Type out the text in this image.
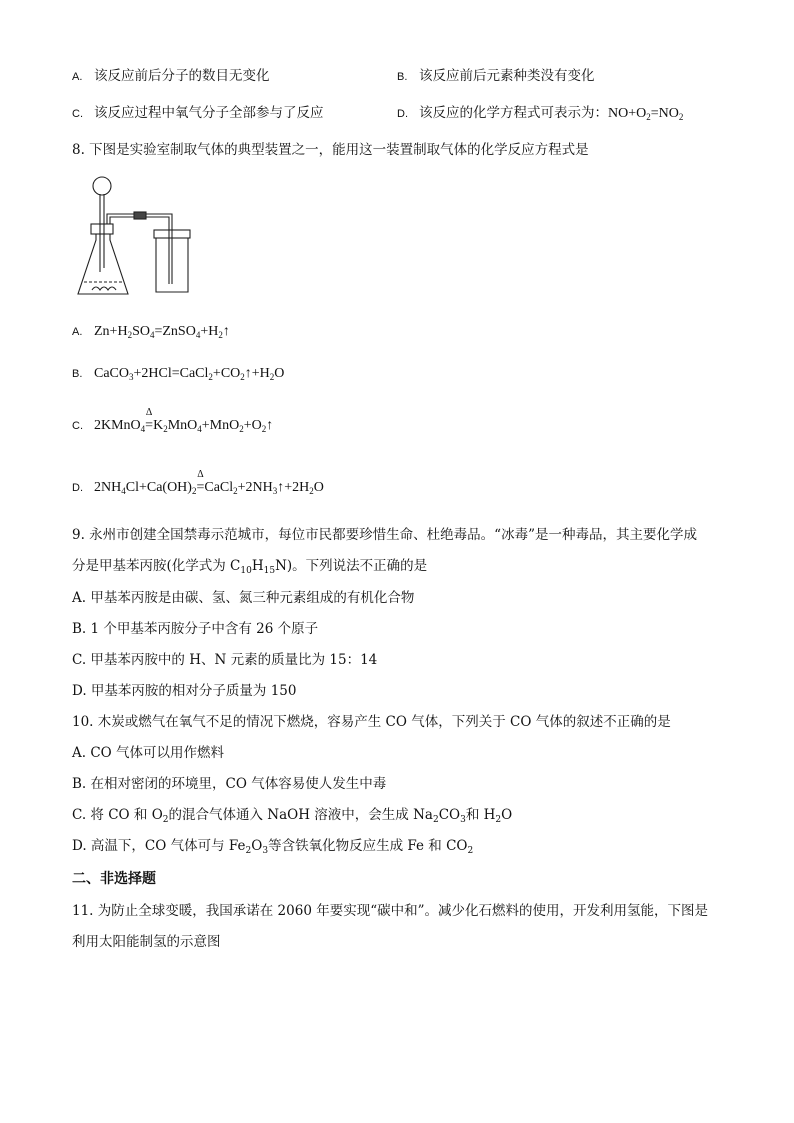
A. 该反应前后分子的数目无变化	B. 该反应前后元素种类没有变化
C. 该反应过程中氧气分子全部参与了反应	D. 该反应的化学方程式可表示为：$NO+O_2=NO_2$
8. 下图是实验室制取气体的典型装置之一，能用这一装置制取气体的化学反应方程式是
A. $Zn+H_2SO_4=ZnSO_4+H_2↑$
B. $CaCO_3+2HCl=CaCl_2+CO_2↑+H_2O$
C. 2KMnO$_4$
Δ
$=K_2MnO_4+MnO_2+O_2↑$
D. $2NH_4Cl+Ca(OH)_2$
Δ
$=CaCl_2+2NH_3↑+2H_2O$
9. 永州市创建全国禁毒示范城市，每位市民都要珍惜生命、杜绝毒品。“冰毒”是一种毒品，其主要化学成
分是甲基苯丙胺(化学式为 $C_{10}H_{15}N$)。下列说法不正确的是
A. 甲基苯丙胺是由碳、氢、氮三种元素组成的有机化合物
B. 1 个甲基苯丙胺分子中含有 26 个原子
C. 甲基苯丙胺中的 H、N 元素的质量比为 15：14
D. 甲基苯丙胺的相对分子质量为 150
10. 木炭或燃气在氧气不足的情况下燃烧，容易产生 CO 气体，下列关于 CO 气体的叙述不正确的是
A. CO 气体可以用作燃料
B. 在相对密闭的环境里，CO 气体容易使人发生中毒
C. 将 CO 和 $O_2$的混合气体通入 NaOH 溶液中，会生成 $Na_2CO_3$和 $H_2O$
D. 高温下，CO 气体可与 $Fe_2O_3$等含铁氧化物反应生成 Fe 和 $CO_2$
二、非选择题
11. 为防止全球变暖，我国承诺在 2060 年要实现“碳中和”。减少化石燃料的使用，开发利用氢能，下图是
利用太阳能制氢的示意图
